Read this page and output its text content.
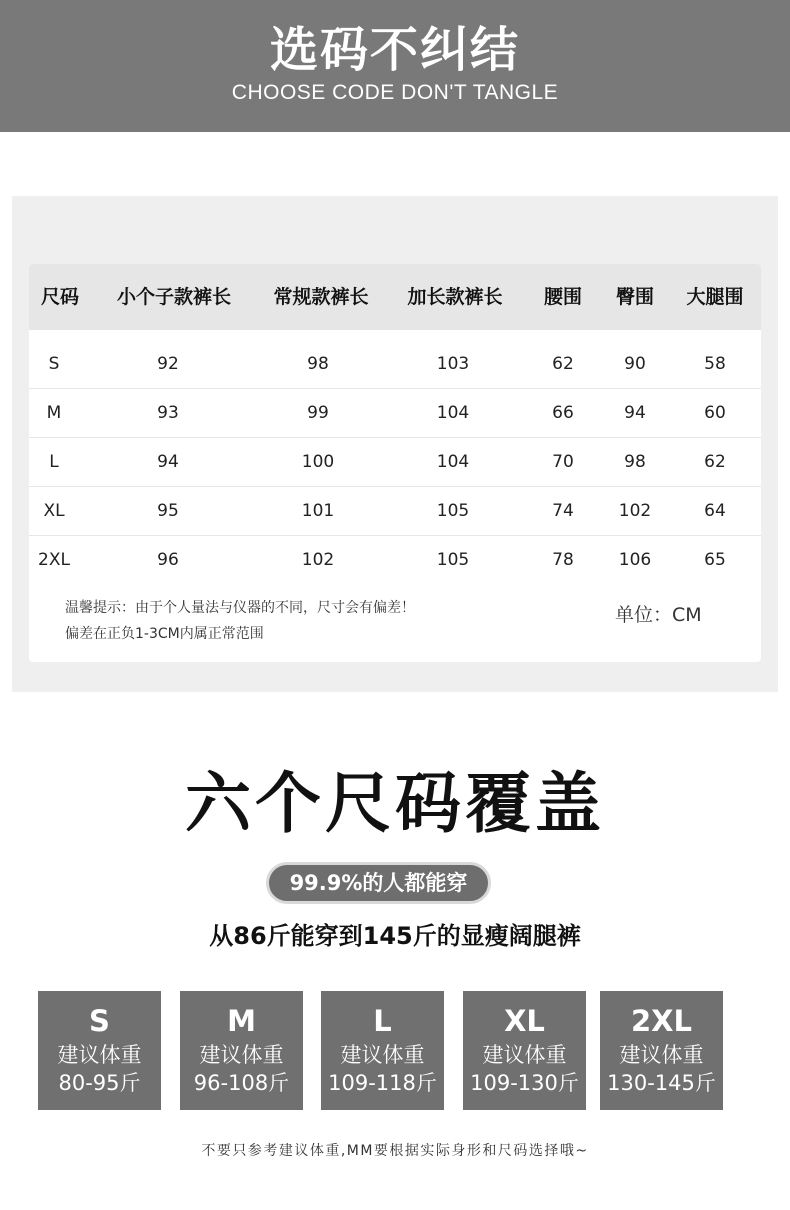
选码不纠结
CHOOSE CODE DON'T TANGLE
尺码	小个子款裤长	常规款裤长	加长款裤长	腰围	臀围	大腿围
S	92	98	103	62	90	58
M	93	99	104	66	94	60
L	94	100	104	70	98	62
XL	95	101	105	74	102	64
2XL	96	102	105	78	106	65
温馨提示：由于个人量法与仪器的不同，尺寸会有偏差！
偏差在正负1-3CM内属正常范围
单位：CM
六个尺码覆盖
99.9%的人都能穿
从86斤能穿到145斤的显瘦阔腿裤
S
建议体重
80-95斤
M
建议体重
96-108斤
L
建议体重
109-118斤
XL
建议体重
109-130斤
2XL
建议体重
130-145斤
不要只参考建议体重,MM要根据实际身形和尺码选择哦~
